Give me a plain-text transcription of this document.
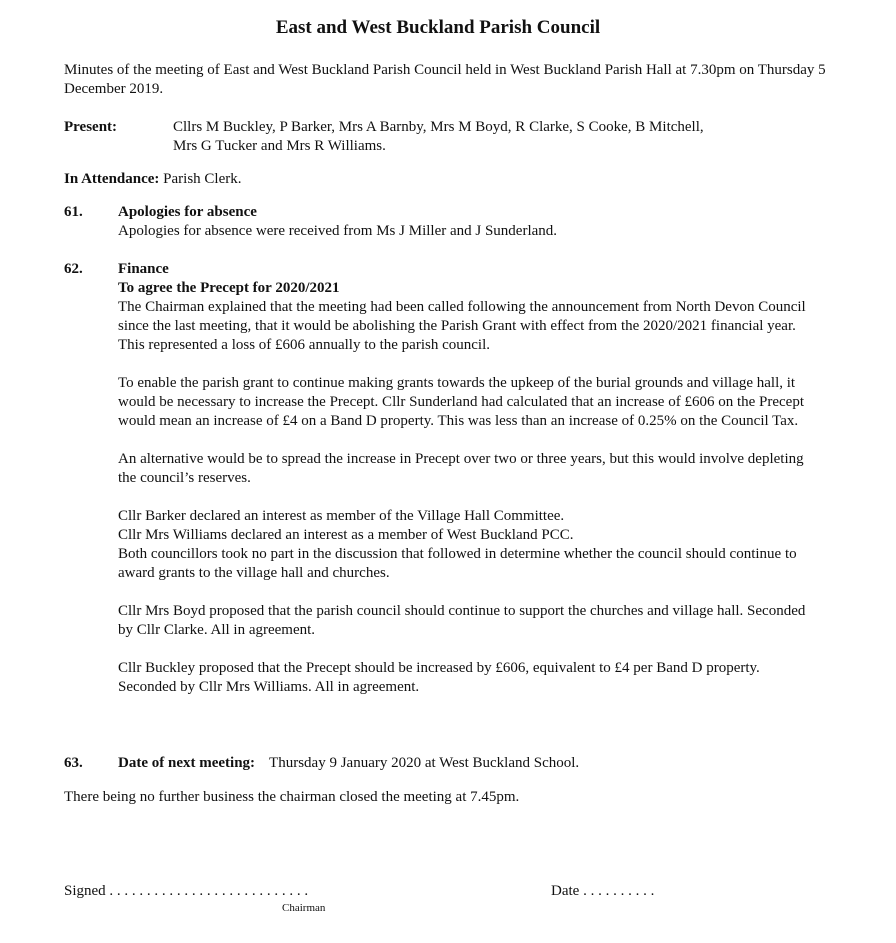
East and West Buckland Parish Council
Minutes of the meeting of East and West Buckland Parish Council held in West Buckland Parish Hall at 7.30pm on Thursday 5 December 2019.
Present:	Cllrs M Buckley, P Barker, Mrs A Barnby, Mrs M Boyd, R Clarke, S Cooke, B Mitchell,
Mrs G Tucker and Mrs R Williams.
In Attendance: Parish Clerk.
61. Apologies for absence
Apologies for absence were received from Ms J Miller and J Sunderland.
62. Finance
To agree the Precept for 2020/2021

The Chairman explained that the meeting had been called following the announcement from North Devon Council since the last meeting, that it would be abolishing the Parish Grant with effect from the 2020/2021 financial year. This represented a loss of £606 annually to the parish council.

To enable the parish grant to continue making grants towards the upkeep of the burial grounds and village hall, it would be necessary to increase the Precept. Cllr Sunderland had calculated that an increase of £606 on the Precept would mean an increase of £4 on a Band D property. This was less than an increase of 0.25% on the Council Tax.

An alternative would be to spread the increase in Precept over two or three years, but this would involve depleting the council’s reserves.

Cllr Barker declared an interest as member of the Village Hall Committee.

Cllr Mrs Williams declared an interest as a member of West Buckland PCC.

Both councillors took no part in the discussion that followed in determine whether the council should continue to award grants to the village hall and churches.

Cllr Mrs Boyd proposed that the parish council should continue to support the churches and village hall. Seconded by Cllr Clarke. All in agreement.

Cllr Buckley proposed that the Precept should be increased by £606, equivalent to £4 per Band D property. Seconded by Cllr Mrs Williams. All in agreement.

63. Date of next meeting: Thursday 9 January 2020 at West Buckland School.
There being no further business the chairman closed the meeting at 7.45pm.
Signed . . . . . . . . . . . . . . . . . . . . . . . . . . .
Chairman
Date . . . . . . . . . .
